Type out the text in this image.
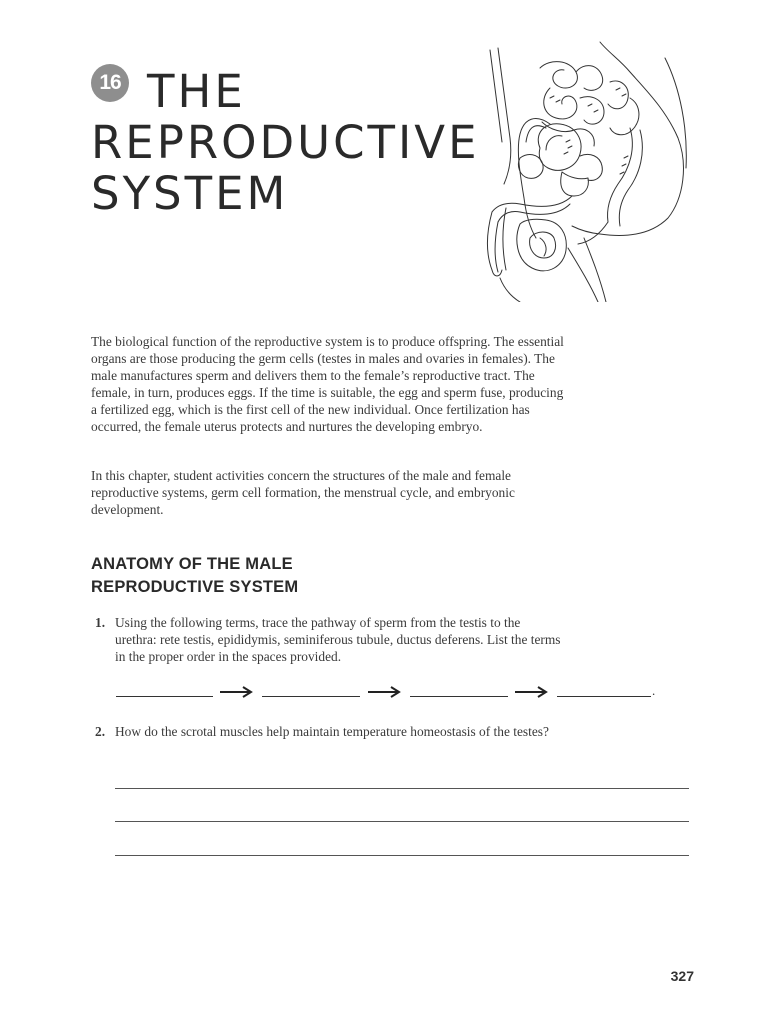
16 THE
REPRODUCTIVE
SYSTEM

The biological function of the reproductive system is to produce offspring. The essential organs are those producing the germ cells (testes in males and ovaries in females). The male manufactures sperm and delivers them to the female’s reproductive tract. The female, in turn, produces eggs. If the time is suitable, the egg and sperm fuse, producing a fertilized egg, which is the first cell of the new individual. Once fertilization has occurred, the female uterus protects and nurtures the developing embryo.

In this chapter, student activities concern the structures of the male and female reproductive systems, germ cell formation, the menstrual cycle, and embryonic development.

ANATOMY OF THE MALE
REPRODUCTIVE SYSTEM
1. Using the following terms, trace the pathway of sperm from the testis to the urethra: rete testis, epididymis, seminiferous tubule, ductus deferens. List the terms in the proper order in the spaces provided.
.
2. How do the scrotal muscles help maintain temperature homeostasis of the testes?
327
